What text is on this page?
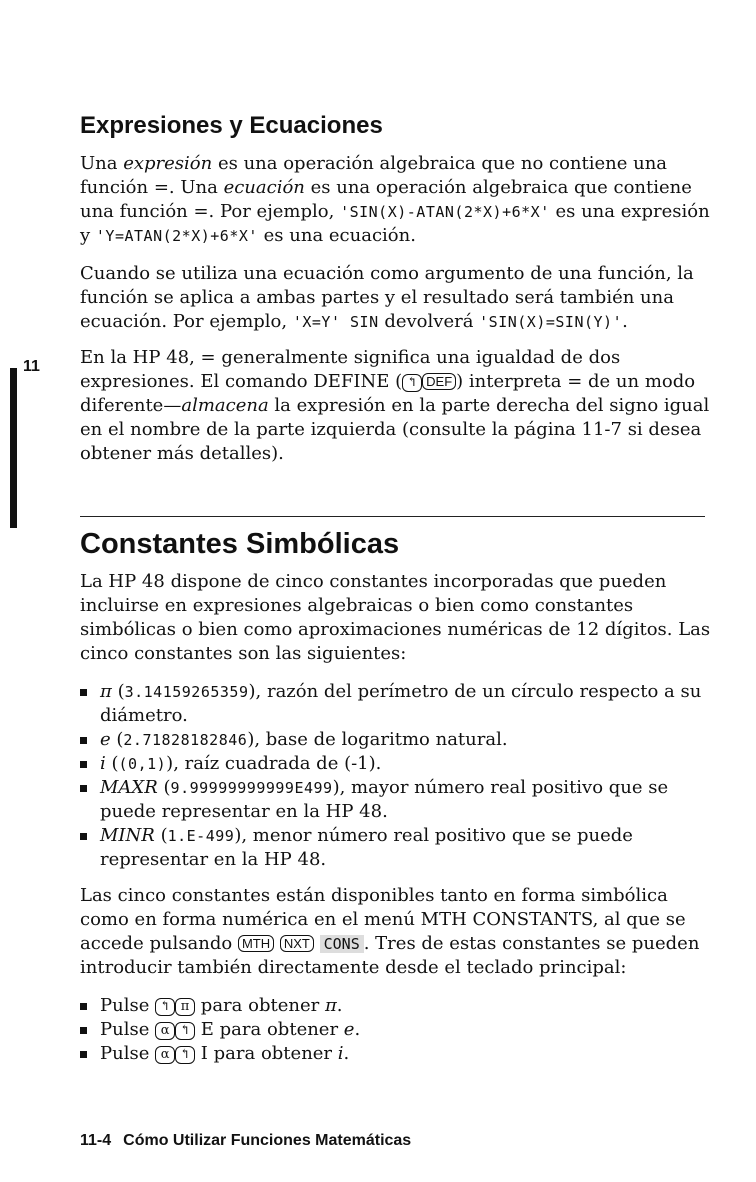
Expresiones y Ecuaciones

Una expresión es una operación algebraica que no contiene una función =. Una ecuación es una operación algebraica que contiene una función =. Por ejemplo, 'SIN(X)-ATAN(2*X)+6*X' es una expresión y 'Y=ATAN(2*X)+6*X' es una ecuación.

Cuando se utiliza una ecuación como argumento de una función, la función se aplica a ambas partes y el resultado será también una ecuación. Por ejemplo, 'X=Y' SIN devolverá 'SIN(X)=SIN(Y)'.

En la HP 48, = generalmente significa una igualdad de dos expresiones. El comando DEFINE ( ↰ DEF ) interpreta = de un modo diferente—almacena la expresión en la parte derecha del signo igual en el nombre de la parte izquierda (consulte la página 11-7 si desea obtener más detalles).

11
Constantes Simbólicas

La HP 48 dispone de cinco constantes incorporadas que pueden incluirse en expresiones algebraicas o bien como constantes simbólicas o bien como aproximaciones numéricas de 12 dígitos. Las cinco constantes son las siguientes:

π (3.14159265359), razón del perímetro de un círculo respecto a su diámetro.
e (2.71828182846), base de logaritmo natural.
i ((0,1)), raíz cuadrada de (-1).
MAXR (9.99999999999E499), mayor número real positivo que se puede representar en la HP 48.
MINR (1.E-499), menor número real positivo que se puede representar en la HP 48.

Las cinco constantes están disponibles tanto en forma simbólica como en forma numérica en el menú MTH CONSTANTS, al que se accede pulsando MTH NXT CONS . Tres de estas constantes se pueden introducir también directamente desde el teclado principal:

Pulse ↰ π para obtener π.
Pulse α ↰ E para obtener e.
Pulse α ↰ I para obtener i.
11-4 Cómo Utilizar Funciones Matemáticas
